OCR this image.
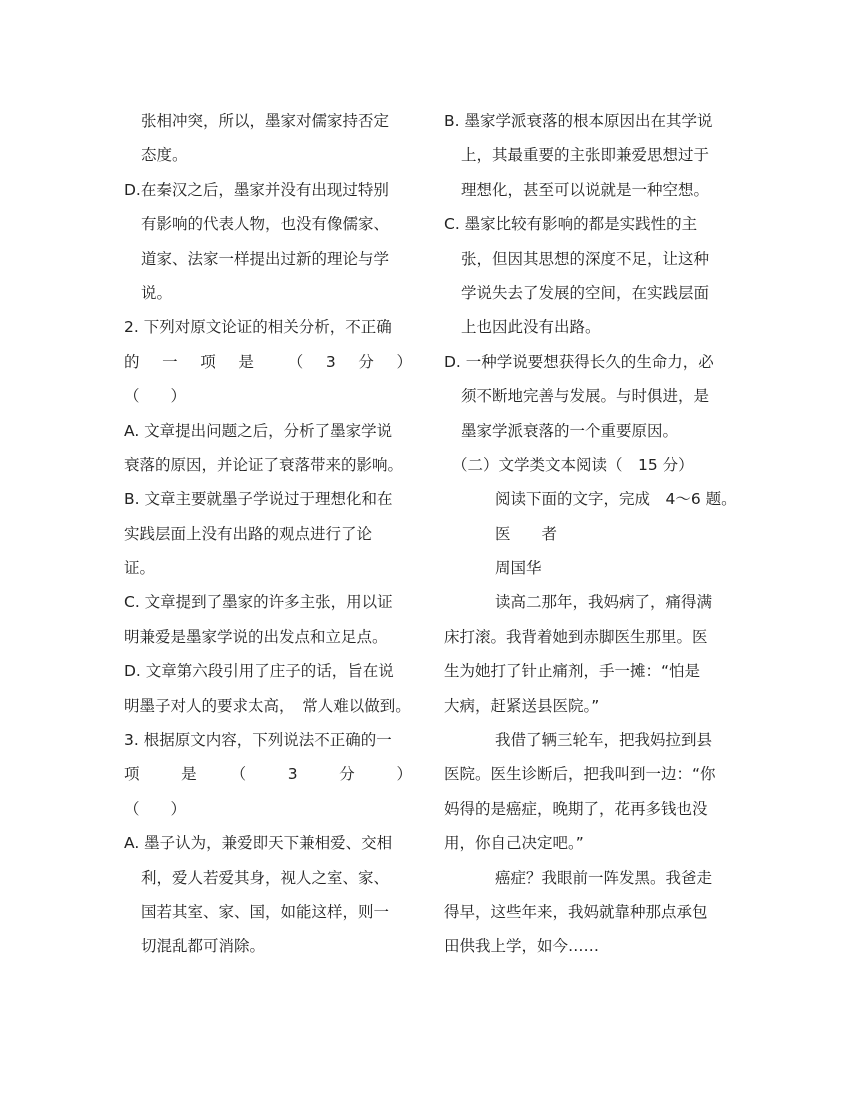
张相冲突，所以，墨家对儒家持否定
态度。
D.在秦汉之后，墨家并没有出现过特别
有影响的代表人物，也没有像儒家、
道家、法家一样提出过新的理论与学
说。
2. 下列对原文论证的相关分析，不正确
的　一　项　是　　（　3　分　）
（　　）
A. 文章提出问题之后，分析了墨家学说
衰落的原因，并论证了衰落带来的影响。
B. 文章主要就墨子学说过于理想化和在
实践层面上没有出路的观点进行了论
证。
C. 文章提到了墨家的许多主张，用以证
明兼爱是墨家学说的出发点和立足点。
D. 文章第六段引用了庄子的话，旨在说
明墨子对人的要求太高，　常人难以做到。
3. 根据原文内容，下列说法不正确的一
项　　是　　（　　3　　分　　）
（　　）
A. 墨子认为，兼爱即天下兼相爱、交相
利，爱人若爱其身，视人之室、家、
国若其室、家、国，如能这样，则一
切混乱都可消除。
B. 墨家学派衰落的根本原因出在其学说
上，其最重要的主张即兼爱思想过于
理想化，甚至可以说就是一种空想。
C. 墨家比较有影响的都是实践性的主
张，但因其思想的深度不足，让这种
学说失去了发展的空间，在实践层面
上也因此没有出路。
D. 一种学说要想获得长久的生命力，必
须不断地完善与发展。与时俱进，是
墨家学派衰落的一个重要原因。
（二）文学类文本阅读（　15 分）
阅读下面的文字，完成　4～6 题。
医　　者
周国华
读高二那年，我妈病了，痛得满
床打滚。我背着她到赤脚医生那里。医
生为她打了针止痛剂，手一摊：“怕是
大病，赶紧送县医院。”
我借了辆三轮车，把我妈拉到县
医院。医生诊断后，把我叫到一边：“你
妈得的是癌症，晚期了，花再多钱也没
用，你自己决定吧。”
癌症？我眼前一阵发黑。我爸走
得早，这些年来，我妈就靠种那点承包
田供我上学，如今……
